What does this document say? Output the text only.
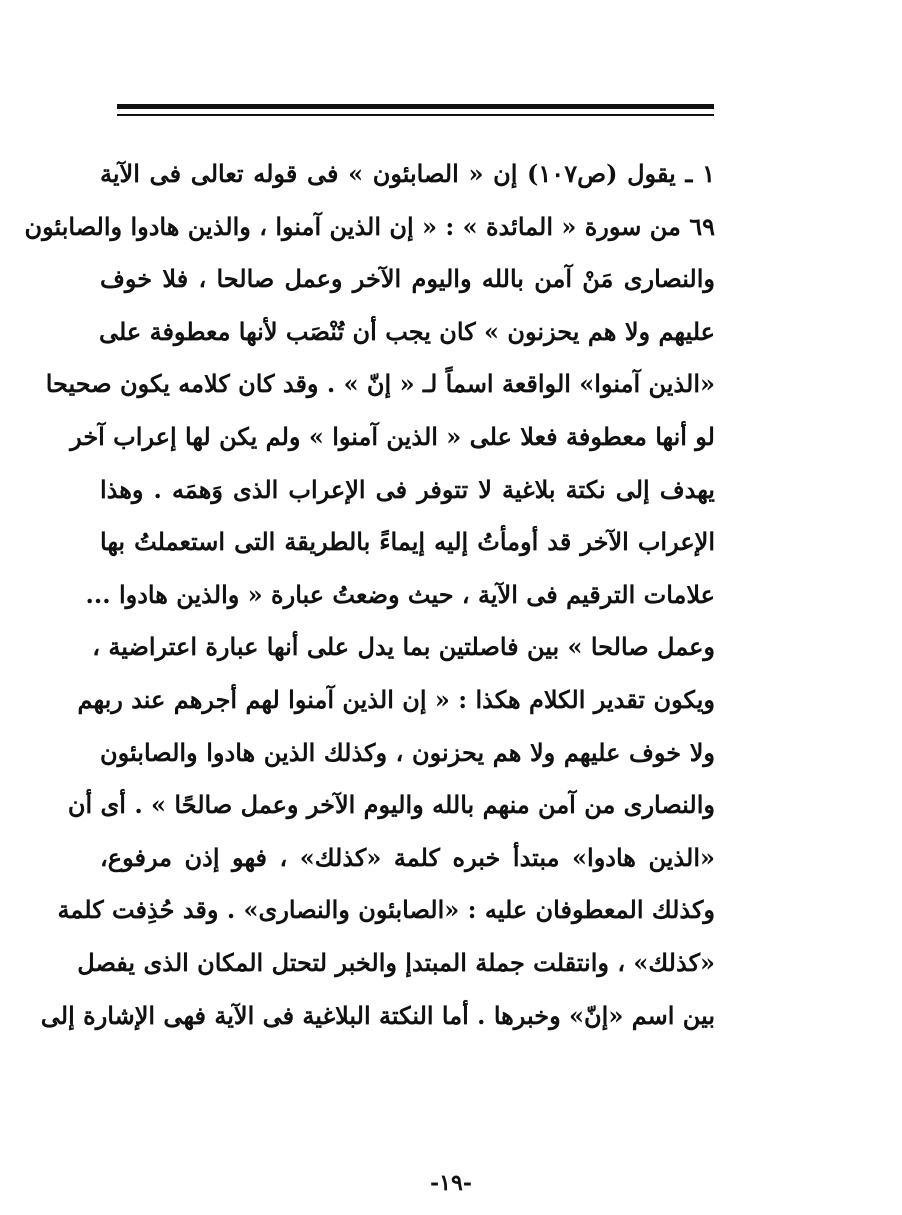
١ ـ يقول (ص١٠٧) إن « الصابئون » فى قوله تعالى فى الآية
٦٩ من سورة « المائدة » : « إن الذين آمنوا ، والذين هادوا والصابئون
والنصارى مَنْ آمن بالله واليوم الآخر وعمل صالحا ، فلا خوف
عليهم ولا هم يحزنون » كان يجب أن تُنْصَب لأنها معطوفة على
«الذين آمنوا» الواقعة اسماً لـ « إنّ » . وقد كان كلامه يكون صحيحا
لو أنها معطوفة فعلا على « الذين آمنوا » ولم يكن لها إعراب آخر
يهدف إلى نكتة بلاغية لا تتوفر فى الإعراب الذى وَهمَه . وهذا
الإعراب الآخر قد أومأتُ إليه إيماءً بالطريقة التى استعملتُ بها
علامات الترقيم فى الآية ، حيث وضعتُ عبارة « والذين هادوا ...
وعمل صالحا » بين فاصلتين بما يدل على أنها عبارة اعتراضية ،
ويكون تقدير الكلام هكذا : « إن الذين آمنوا لهم أجرهم عند ربهم
ولا خوف عليهم ولا هم يحزنون ، وكذلك الذين هادوا والصابئون
والنصارى من آمن منهم بالله واليوم الآخر وعمل صالحًا » . أى أن
«الذين هادوا» مبتدأ خبره كلمة «كذلك» ، فهو إذن مرفوع،
وكذلك المعطوفان عليه : «الصابئون والنصارى» . وقد حُذِفت كلمة
«كذلك» ، وانتقلت جملة المبتدإ والخبر لتحتل المكان الذى يفصل
بين اسم «إنّ» وخبرها . أما النكتة البلاغية فى الآية فهى الإشارة إلى
-١٩-
